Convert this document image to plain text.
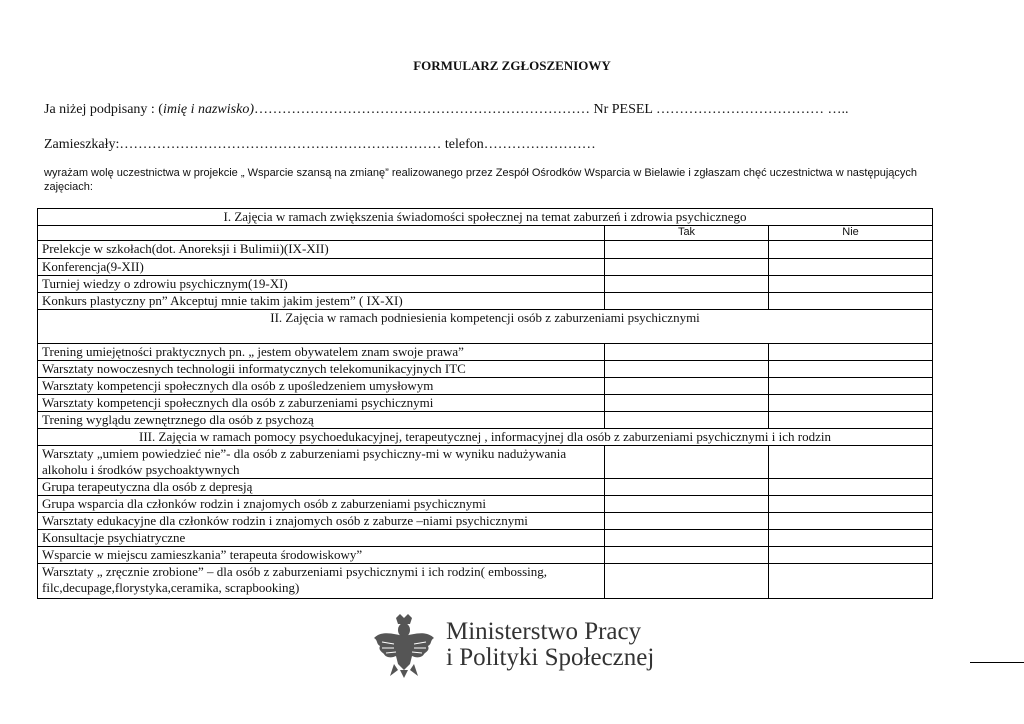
FORMULARZ ZGŁOSZENIOWY
Ja niżej podpisany : (imię i nazwisko)……………………………………………………………… Nr PESEL ……………………………… …..
Zamieszkały:…………………………………………………………… telefon……………………
wyrażam wolę uczestnictwa w projekcie „ Wsparcie szansą na zmianę” realizowanego przez Zespół Ośrodków Wsparcia w Bielawie i zgłaszam chęć uczestnictwa w następujących zajęciach:
I. Zajęcia w ramach zwiększenia świadomości społecznej na temat zaburzeń i zdrowia psychicznego		
	Tak	Nie
Prelekcje w szkołach(dot. Anoreksji i Bulimii)(IX-XII)		
Konferencja(9-XII)		
Turniej wiedzy o zdrowiu psychicznym(19-XI)		
Konkurs plastyczny pn” Akceptuj mnie takim jakim jestem” ( IX-XI)		
II. Zajęcia w ramach podniesienia kompetencji osób z zaburzeniami psychicznymi		
Trening umiejętności praktycznych pn. „ jestem obywatelem znam swoje prawa”		
Warsztaty nowoczesnych technologii informatycznych telekomunikacyjnych ITC		
Warsztaty kompetencji społecznych dla osób z upośledzeniem umysłowym		
Warsztaty kompetencji społecznych dla osób z zaburzeniami psychicznymi		
Trening wyglądu zewnętrznego dla osób z psychozą		
III. Zajęcia w ramach pomocy psychoedukacyjnej, terapeutycznej , informacyjnej dla osób z zaburzeniami psychicznymi i ich rodzin		
Warsztaty „umiem powiedzieć nie”- dla osób z zaburzeniami psychiczny-mi w wyniku nadużywania alkoholu i środków psychoaktywnych		
Grupa terapeutyczna dla osób z depresją		
Grupa wsparcia dla członków rodzin i znajomych osób z zaburzeniami psychicznymi		
Warsztaty edukacyjne dla członków rodzin i znajomych osób z zaburze –niami psychicznymi		
Konsultacje psychiatryczne		
Wsparcie w miejscu zamieszkania” terapeuta środowiskowy”		
Warsztaty „ zręcznie zrobione” – dla osób z zaburzeniami psychicznymi i ich rodzin( embossing, filc,decupage,florystyka,ceramika, scrapbooking)		
Ministerstwo Pracy
i Polityki Społecznej
